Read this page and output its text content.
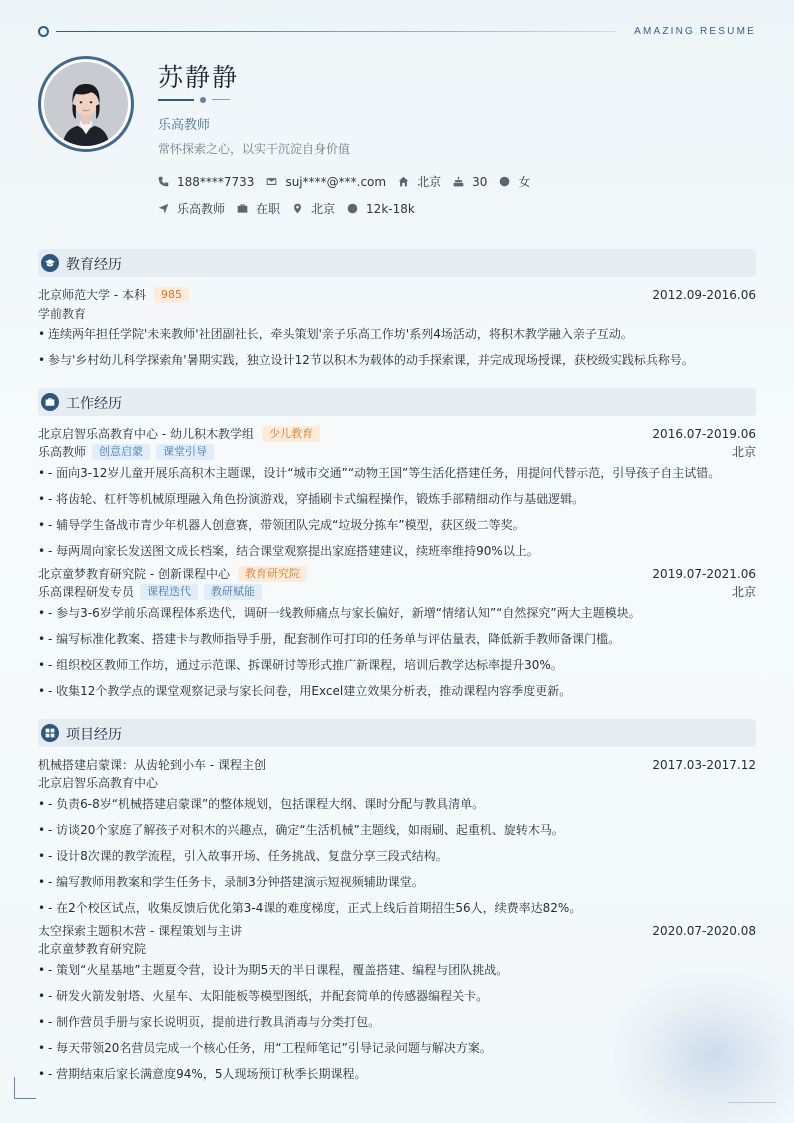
AMAZING RESUME
苏静静
乐高教师
常怀探索之心，以实干沉淀自身价值
188****7733	suj****@***.com	北京	30	女
乐高教师	在职	北京	12k-18k
教育经历
北京师范大学 - 本科	985	2012.09-2016.06
学前教育
• 连续两年担任学院'未来教师'社团副社长，牵头策划'亲子乐高工作坊'系列4场活动，将积木教学融入亲子互动。
• 参与'乡村幼儿科学探索角'暑期实践，独立设计12节以积木为载体的动手探索课，并完成现场授课，获校级实践标兵称号。
工作经历
北京启智乐高教育中心 - 幼儿积木教学组	少儿教育	2016.07-2019.06
乐高教师	创意启蒙	课堂引导	北京
• - 面向3-12岁儿童开展乐高积木主题课，设计“城市交通”“动物王国”等生活化搭建任务，用提问代替示范，引导孩子自主试错。
• - 将齿轮、杠杆等机械原理融入角色扮演游戏，穿插刷卡式编程操作，锻炼手部精细动作与基础逻辑。
• - 辅导学生备战市青少年机器人创意赛，带领团队完成“垃圾分拣车”模型，获区级二等奖。
• - 每两周向家长发送图文成长档案，结合课堂观察提出家庭搭建建议，续班率维持90%以上。
北京童梦教育研究院 - 创新课程中心	教育研究院	2019.07-2021.06
乐高课程研发专员	课程迭代	教研赋能	北京
• - 参与3-6岁学前乐高课程体系迭代，调研一线教师痛点与家长偏好，新增“情绪认知”“自然探究”两大主题模块。
• - 编写标准化教案、搭建卡与教师指导手册，配套制作可打印的任务单与评估量表，降低新手教师备课门槛。
• - 组织校区教师工作坊，通过示范课、拆课研讨等形式推广新课程，培训后教学达标率提升30%。
• - 收集12个教学点的课堂观察记录与家长问卷，用Excel建立效果分析表，推动课程内容季度更新。
项目经历
机械搭建启蒙课：从齿轮到小车 - 课程主创	2017.03-2017.12
北京启智乐高教育中心
• - 负责6-8岁“机械搭建启蒙课”的整体规划，包括课程大纲、课时分配与教具清单。
• - 访谈20个家庭了解孩子对积木的兴趣点，确定“生活机械”主题线，如雨刷、起重机、旋转木马。
• - 设计8次课的教学流程，引入故事开场、任务挑战、复盘分享三段式结构。
• - 编写教师用教案和学生任务卡，录制3分钟搭建演示短视频辅助课堂。
• - 在2个校区试点，收集反馈后优化第3-4课的难度梯度，正式上线后首期招生56人，续费率达82%。
太空探索主题积木营 - 课程策划与主讲	2020.07-2020.08
北京童梦教育研究院
• - 策划“火星基地”主题夏令营，设计为期5天的半日课程，覆盖搭建、编程与团队挑战。
• - 研发火箭发射塔、火星车、太阳能板等模型图纸，并配套简单的传感器编程关卡。
• - 制作营员手册与家长说明页，提前进行教具消毒与分类打包。
• - 每天带领20名营员完成一个核心任务，用“工程师笔记”引导记录问题与解决方案。
• - 营期结束后家长满意度94%，5人现场预订秋季长期课程。
